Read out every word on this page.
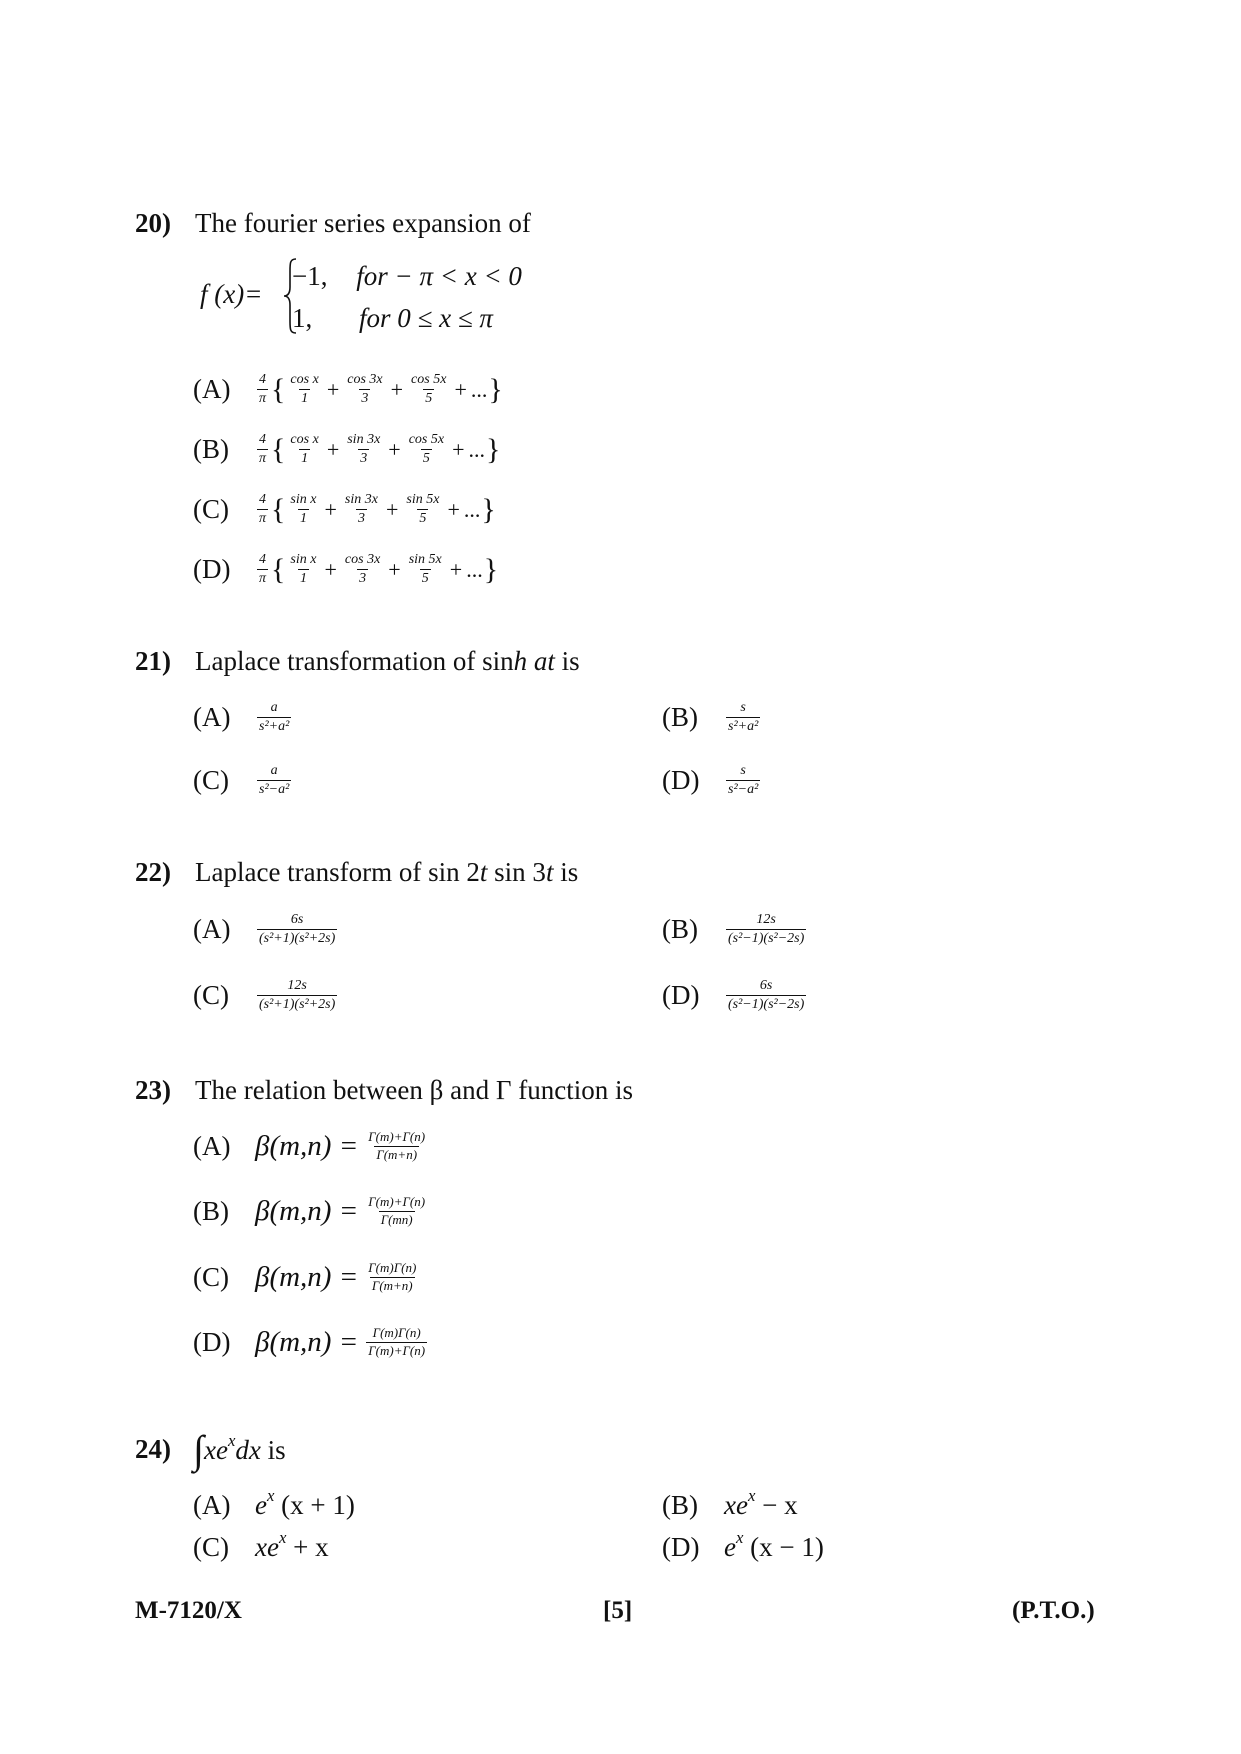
20) The fourier series expansion of
f (x)=
−1, for − π < x < 0
1, for 0 ≤ x ≤ π
(A)	$\frac{4}{\pi}$ { $\frac{\text{cos x}}{1} + \frac{\cos 3x}{3} + \frac{\cos 5x}{5}$ + ... }
(B)	$\frac{4}{\pi}$ { $\frac{\text{cos x}}{1} + \frac{\sin 3x}{3} + \frac{\cos 5x}{5}$ + ... }
(C)	$\frac{4}{\pi}$ { $\frac{\text{sin x}}{1} + \frac{\sin 3x}{3} + \frac{\sin 5x}{5}$ + ... }
(D)	$\frac{4}{\pi}$ { $\frac{\text{sin x}}{1} + \frac{\cos 3x}{3} + \frac{\sin 5x}{5}$ + ... }
21) Laplace transformation of sinh at is
(A)	$\frac{a}{\text{s²+a²}}$	(B)	$\frac{s}{\text{s²+a²}}$
(C)	$\frac{a}{\text{s²−a²}}$	(D)	$\frac{s}{\text{s²−a²}}$
22) Laplace transform of sin 2t sin 3t is
(A)	$\frac{6s}{\text{(s²+1)(s²+2s)}}$	(B)	$\frac{12s}{\text{(s²−1)(s²−2s)}}$
(C)	$\frac{12s}{\text{(s²+1)(s²+2s)}}$	(D)	$\frac{6s}{\text{(s²−1)(s²−2s)}}$
23) The relation between β and Γ function is
(A) $\beta(m,n) = \frac{\Gamma(m)+\Gamma(n)}{\Gamma(m+n)}$
(B) $\beta(m,n) = \frac{\Gamma(m)+\Gamma(n)}{\Gamma(mn)}$
(C) $\beta(m,n) = \frac{\Gamma(m)\Gamma(n)}{\Gamma(m+n)}$
(D) $\beta(m,n) = \frac{\Gamma(m)\Gamma(n)}{\Gamma(m)+\Gamma(n)}$
24) $\int xe^xdx$ is
(A) $e^x$ (x + 1)	(B) $xe^x - x$
(C) $xe^x + x$	(D) $e^x$ (x − 1)
M-7120/X	[5]	(P.T.O.)
